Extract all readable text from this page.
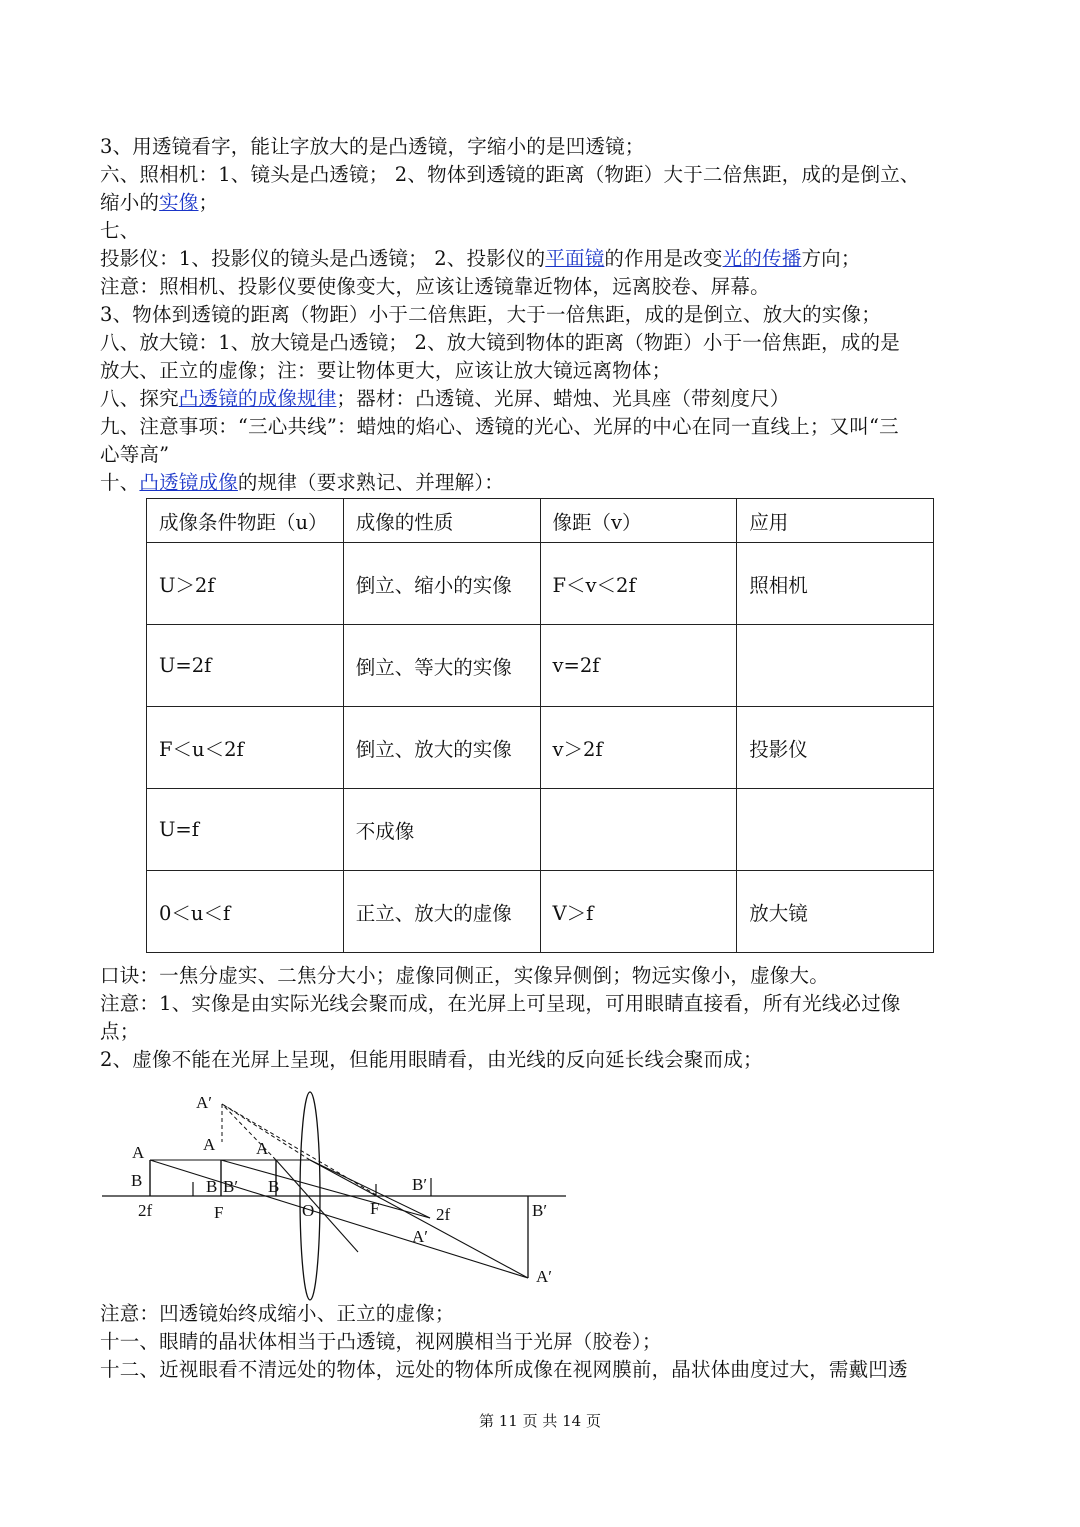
3、用透镜看字，能让字放大的是凸透镜，字缩小的是凹透镜；
六、照相机：1、镜头是凸透镜； 2、物体到透镜的距离（物距）大于二倍焦距，成的是倒立、
缩小的实像；
七、
投影仪：1、投影仪的镜头是凸透镜； 2、投影仪的平面镜的作用是改变光的传播方向；
注意：照相机、投影仪要使像变大，应该让透镜靠近物体，远离胶卷、屏幕。
3、物体到透镜的距离（物距）小于二倍焦距，大于一倍焦距，成的是倒立、放大的实像；
八、放大镜：1、放大镜是凸透镜； 2、放大镜到物体的距离（物距）小于一倍焦距，成的是
放大、正立的虚像；注：要让物体更大，应该让放大镜远离物体；
八、探究凸透镜的成像规律；器材：凸透镜、光屏、蜡烛、光具座（带刻度尺）
九、注意事项：“三心共线”：蜡烛的焰心、透镜的光心、光屏的中心在同一直线上；又叫“三
心等高”
十、凸透镜成像的规律（要求熟记、并理解）：
成像条件物距（u）	成像的性质	像距（v）	应用
U＞2f	倒立、缩小的实像	F＜v＜2f	照相机
U=2f	倒立、等大的实像	v=2f	
F＜u＜2f	倒立、放大的实像	v＞2f	投影仪
U=f	不成像		
0＜u＜f	正立、放大的虚像	V＞f	放大镜
口诀：一焦分虚实、二焦分大小；虚像同侧正，实像异侧倒；物远实像小，虚像大。
注意：1、实像是由实际光线会聚而成，在光屏上可呈现，可用眼睛直接看，所有光线必过像
点；
2、虚像不能在光屏上呈现，但能用眼睛看，由光线的反向延长线会聚而成；
A′
A	A A
B	B B′ B
2f	F	O	F	2f
B′
A′
B′
A′
注意：凹透镜始终成缩小、正立的虚像；
十一、眼睛的晶状体相当于凸透镜，视网膜相当于光屏（胶卷）；
十二、近视眼看不清远处的物体，远处的物体所成像在视网膜前，晶状体曲度过大，需戴凹透
第 11 页 共 14 页
